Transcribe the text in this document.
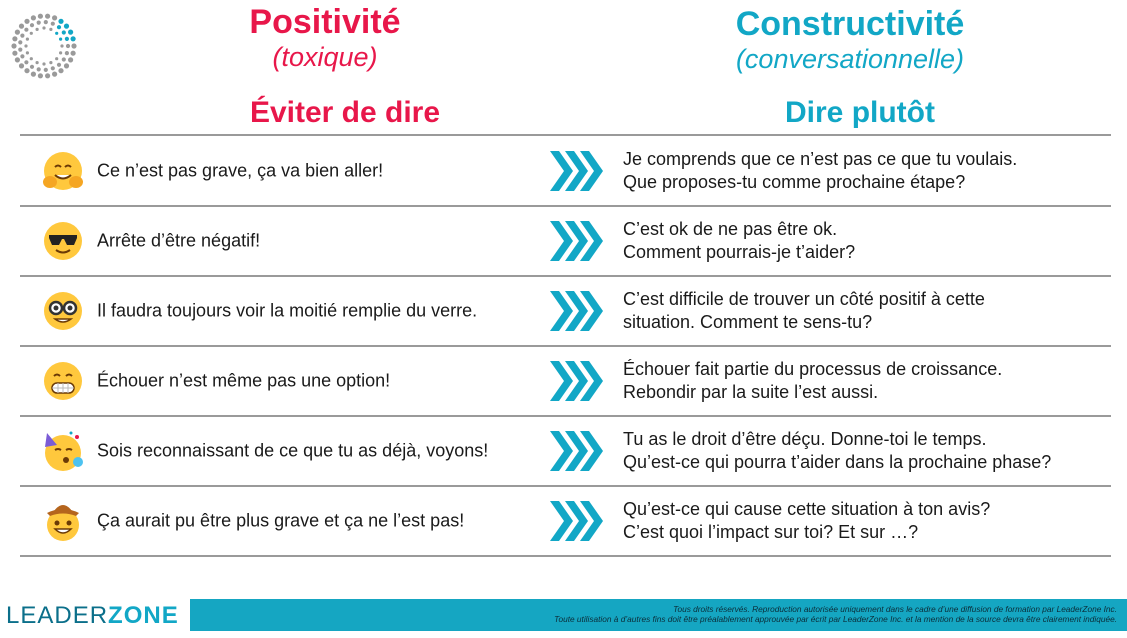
Positivité
(toxique)
Constructivité
(conversationnelle)
Éviter de dire	Dire plutôt
Ce n’est pas grave, ça va bien aller!
Je comprends que ce n’est pas ce que tu voulais.
Que proposes-tu comme prochaine étape?
Arrête d’être négatif!
C’est ok de ne pas être ok.
Comment pourrais-je t’aider?
Il faudra toujours voir la moitié remplie du verre.
C’est difficile de trouver un côté positif à cette
situation. Comment te sens-tu?
Échouer n’est même pas une option!
Échouer fait partie du processus de croissance.
Rebondir par la suite l’est aussi.
Sois reconnaissant de ce que tu as déjà, voyons!
Tu as le droit d’être déçu. Donne-toi le temps.
Qu’est-ce qui pourra t’aider dans la prochaine phase?
Ça aurait pu être plus grave et ça ne l’est pas!
Qu’est-ce qui cause cette situation à ton avis?
C’est quoi l’impact sur toi? Et sur …?
LEADERZONE	Tous droits réservés. Reproduction autorisée uniquement dans le cadre d’une diffusion de formation par LeaderZone Inc.
Toute utilisation à d’autres fins doit être préalablement approuvée par écrit par LeaderZone Inc. et la mention de la source devra être clairement indiquée.
